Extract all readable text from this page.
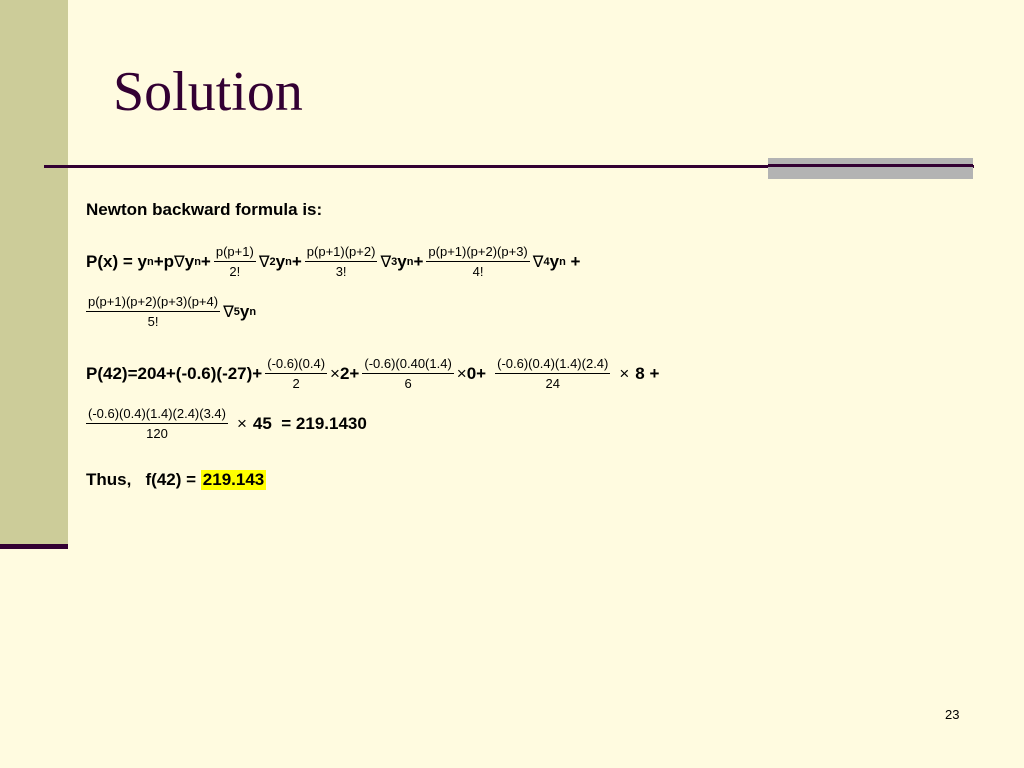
Solution
Newton backward formula is:
P(x) = y n + p ∇ y $n + \frac{p(p+1)}{2!}$ ∇ 2 y $n + \frac{p(p+1)(p+2)}{3!}$ ∇ 3 y $n + \frac{p(p+1)(p+2)(p+3)}{4!}$ ∇ 4 y n +
$\frac{p(p+1)(p+2)(p+3)(p+4)}{5!}$ ∇ 5 y n
$P(42)=204+(-0.6)(-27)+ \frac{(-0.6)(0.4)}{2} \times 2+ \frac{(-0.6)(0.40(1.4)}{6} \times 0+ \frac{(-0.6)(0.4)(1.4)(2.4)}{24} \times 8$ +
$\frac{(-0.6)(0.4)(1.4)(2.4)(3.4)}{120} \times 45 = 219.1430$
Thus,   f(42) = 219.143
23
